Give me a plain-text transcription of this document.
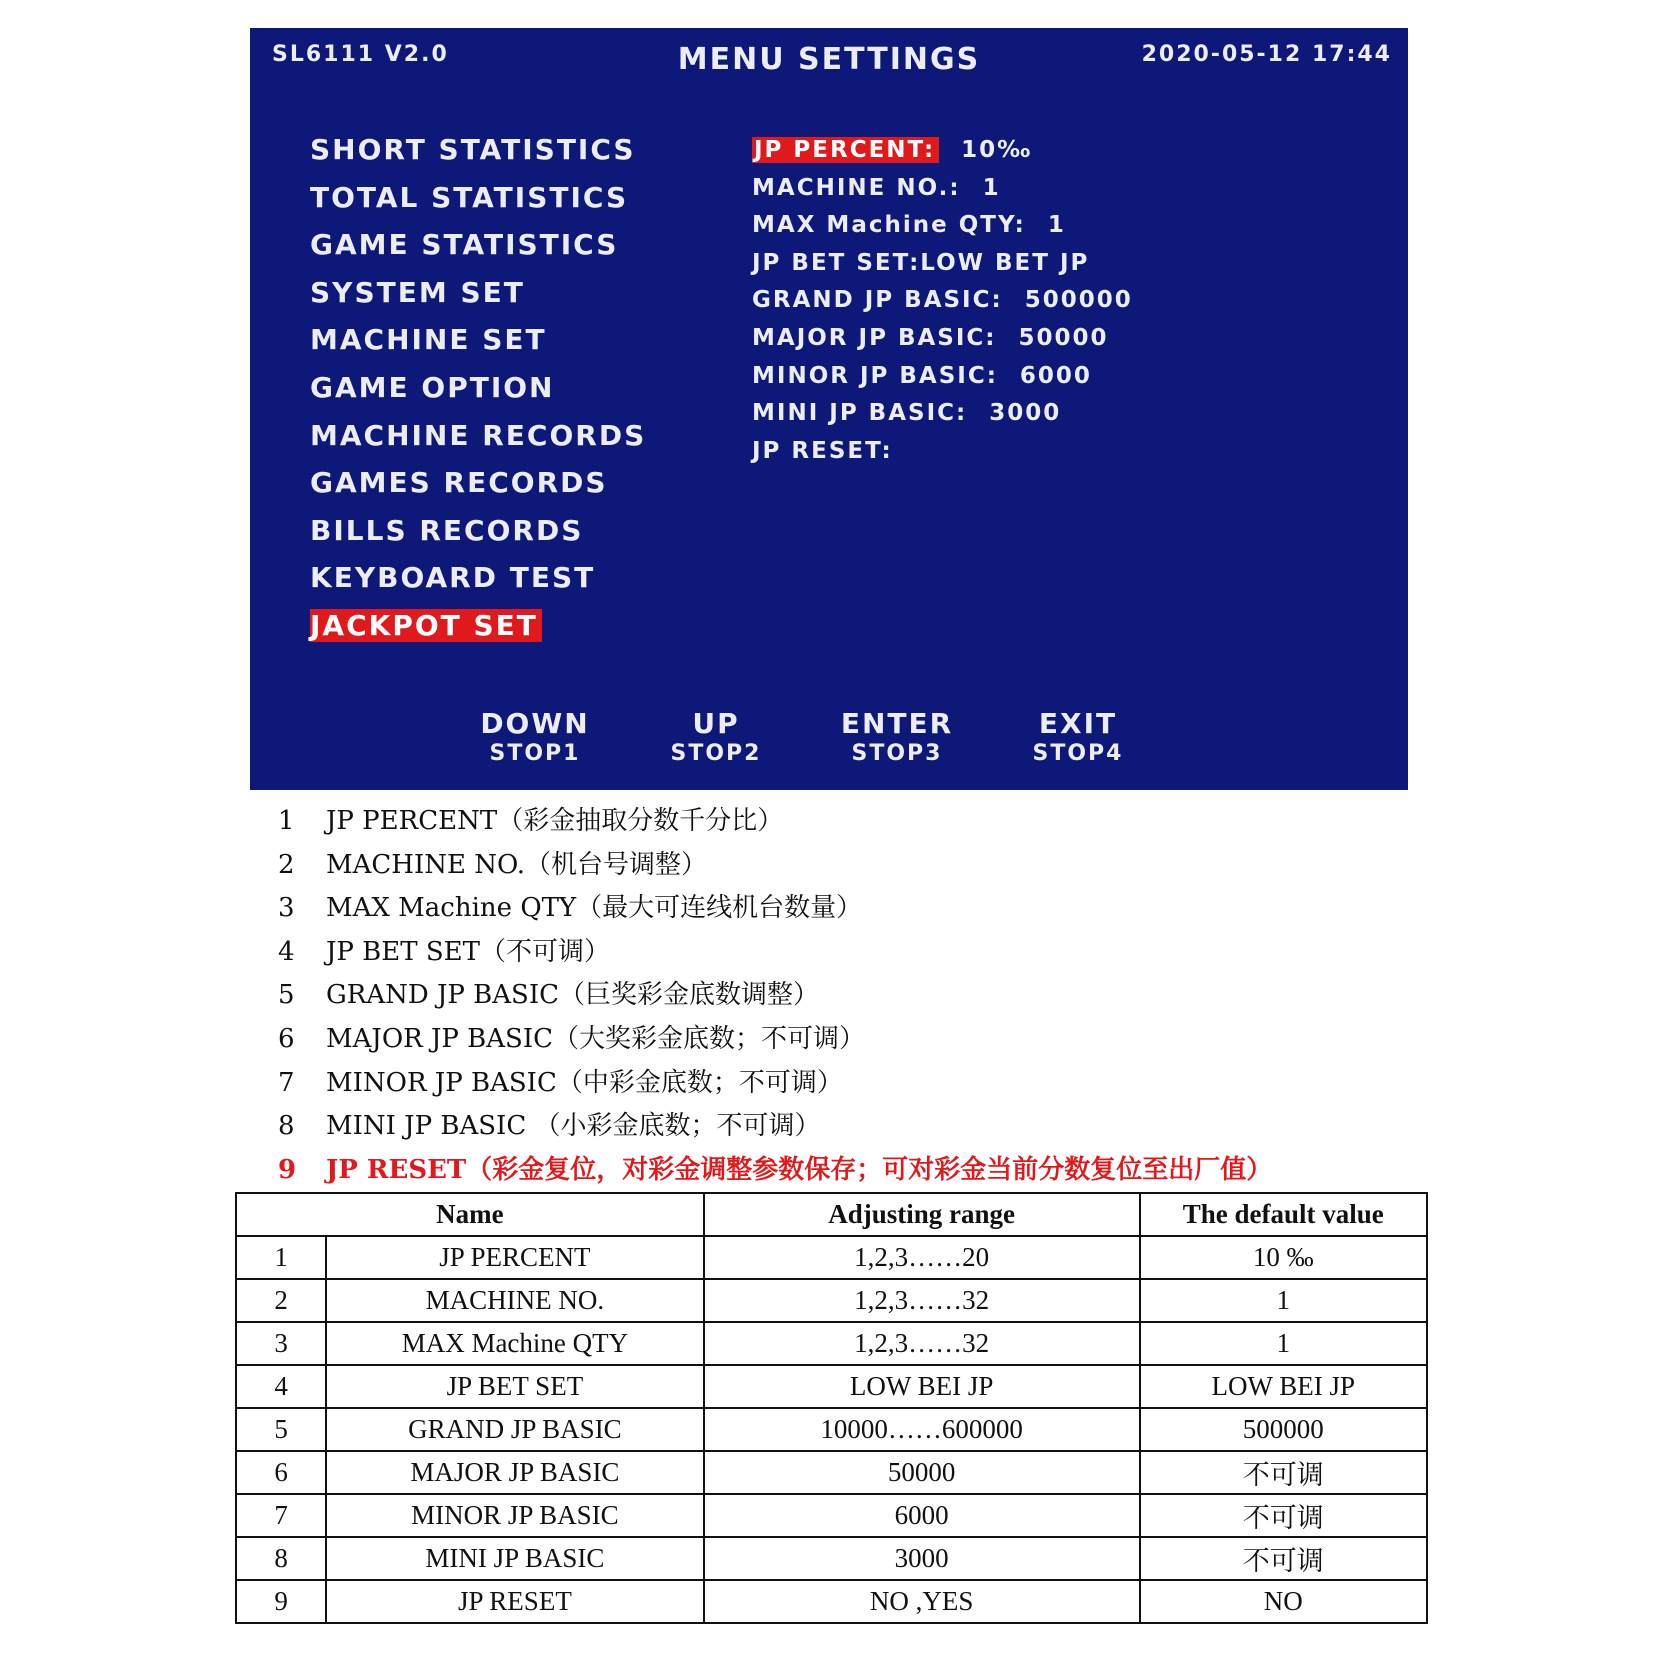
SL6111 V2.0	MENU SETTINGS	2020-05-12 17:44
SHORT STATISTICS
TOTAL STATISTICS
GAME STATISTICS
SYSTEM SET
MACHINE SET
GAME OPTION
MACHINE RECORDS
GAMES RECORDS
BILLS RECORDS
KEYBOARD TEST
JACKPOT SET
JP PERCENT: 10‰
MACHINE NO.: 1
MAX Machine QTY: 1
JP BET SET:LOW BET JP
GRAND JP BASIC: 500000
MAJOR JP BASIC: 50000
MINOR JP BASIC: 6000
MINI JP BASIC: 3000
JP RESET:
DOWN
STOP1
UP
STOP2
ENTER
STOP3
EXIT
STOP4
1 JP PERCENT（彩金抽取分数千分比）
2 MACHINE NO.（机台号调整）
3 MAX Machine QTY（最大可连线机台数量）
4 JP BET SET（不可调）
5 GRAND JP BASIC（巨奖彩金底数调整）
6 MAJOR JP BASIC（大奖彩金底数；不可调）
7 MINOR JP BASIC（中彩金底数；不可调）
8 MINI JP BASIC （小彩金底数；不可调）
9 JP RESET（彩金复位，对彩金调整参数保存；可对彩金当前分数复位至出厂值）
Name		Adjusting range	The default value
1	JP PERCENT	1,2,3……20	10 ‰
2	MACHINE NO.	1,2,3……32	1
3	MAX Machine QTY	1,2,3……32	1
4	JP BET SET	LOW BEI JP	LOW BEI JP
5	GRAND JP BASIC	10000……600000	500000
6	MAJOR JP BASIC	50000	不可调
7	MINOR JP BASIC	6000	不可调
8	MINI JP BASIC	3000	不可调
9	JP RESET	NO ,YES	NO
